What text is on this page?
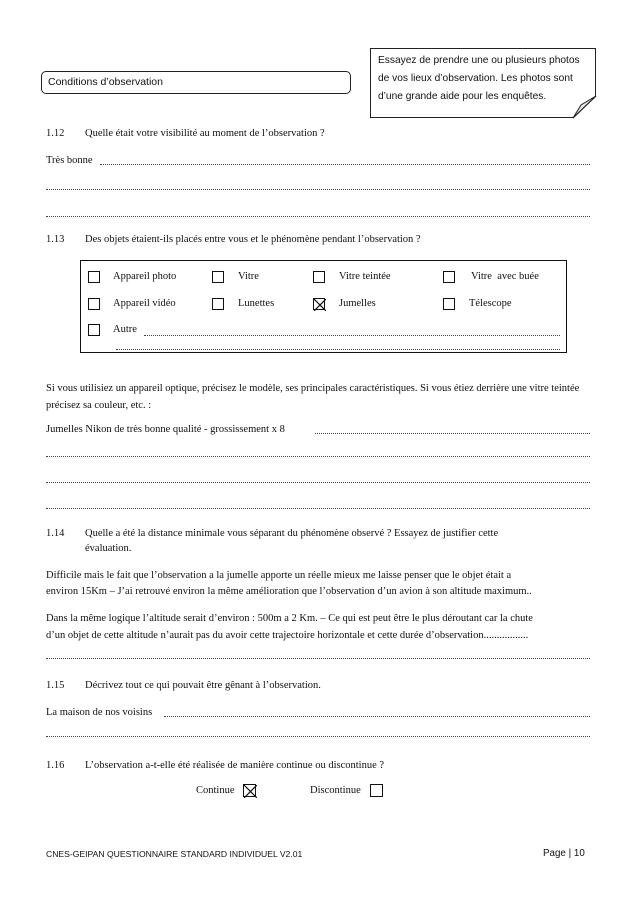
Conditions d’observation
Essayez de prendre une ou plusieurs photos
de vos lieux d’observation. Les photos sont
d’une grande aide pour les enquêtes.
1.12 Quelle était votre visibilité au moment de l’observation ?
Très bonne
1.13 Des objets étaient-ils placés entre vous et le phénomène pendant l’observation ?
Appareil photo	Vitre	Vitre teintée	Vitre  avec buée
Appareil vidéo	Lunettes	Jumelles	Télescope
Autre
Si vous utilisiez un appareil optique, précisez le modèle, ses principales caractéristiques. Si vous étiez derrière une vitre teintée précisez sa couleur, etc. :
Jumelles Nikon de très bonne qualité - grossissement x 8
1.14 Quelle a été la distance minimale vous séparant du phénomène observé ? Essayez de justifier cette
évaluation.
Difficile mais le fait que l’observation a la jumelle apporte un réelle mieux me laisse penser que le objet était a
environ 15Km – J’ai retrouvé environ la même amélioration que l’observation d’un avion à son altitude maximum..
Dans la même logique l’altitude serait d’environ : 500m a 2 Km. – Ce qui est peut être le plus déroutant car la chute
d’un objet de cette altitude n’aurait pas du avoir cette trajectoire horizontale et cette durée d’observation.................
1.15 Décrivez tout ce qui pouvait être gênant à l’observation.
La maison de nos voisins
1.16 L’observation a-t-elle été réalisée de manière continue ou discontinue ?
Continue	Discontinue
CNES-GEIPAN QUESTIONNAIRE STANDARD INDIVIDUEL V2.01	Page | 10
